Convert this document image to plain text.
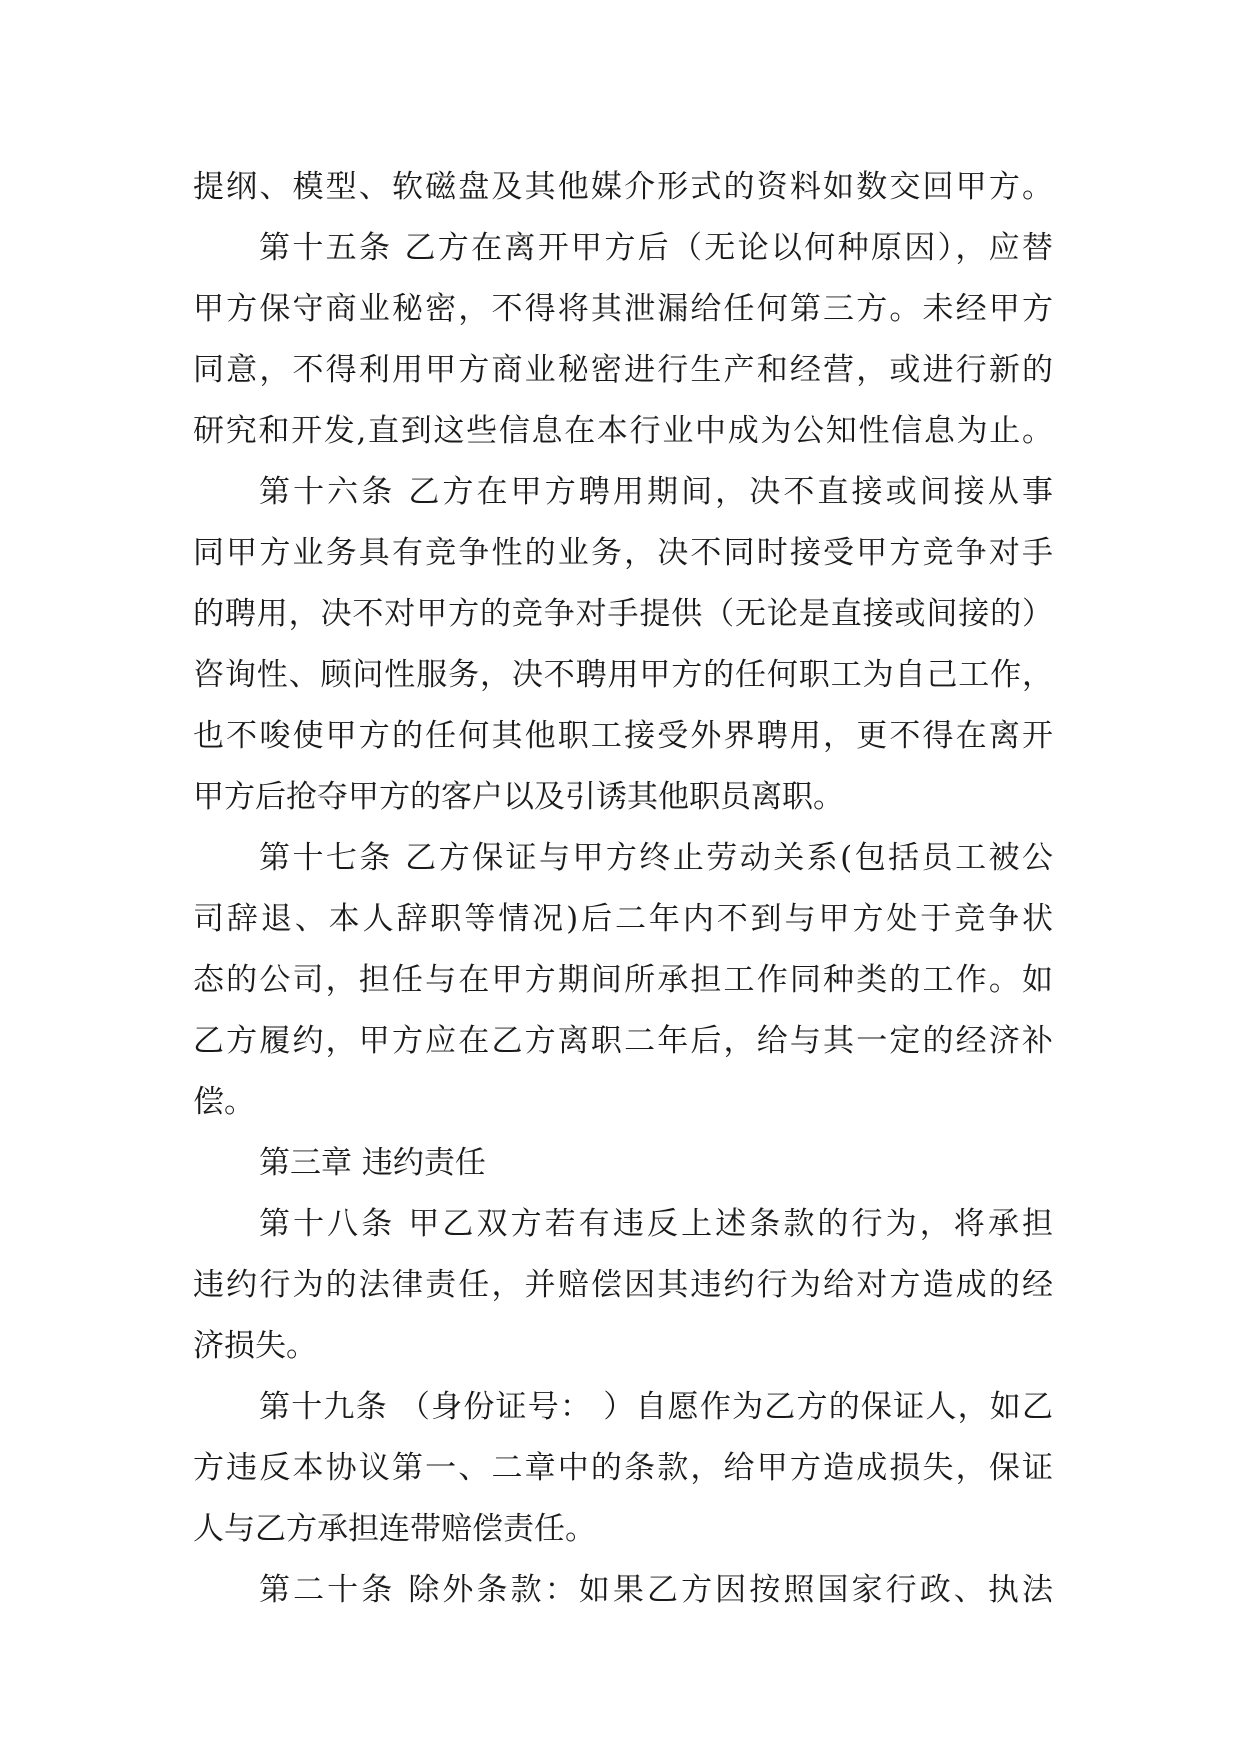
提纲、模型、软磁盘及其他媒介形式的资料如数交回甲方。
第十五条 乙方在离开甲方后（无论以何种原因），应替
甲方保守商业秘密，不得将其泄漏给任何第三方。未经甲方
同意，不得利用甲方商业秘密进行生产和经营，或进行新的
研究和开发,直到这些信息在本行业中成为公知性信息为止。
第十六条 乙方在甲方聘用期间，决不直接或间接从事
同甲方业务具有竞争性的业务，决不同时接受甲方竞争对手
的聘用，决不对甲方的竞争对手提供（无论是直接或间接的）
咨询性、顾问性服务，决不聘用甲方的任何职工为自己工作，
也不唆使甲方的任何其他职工接受外界聘用，更不得在离开
甲方后抢夺甲方的客户以及引诱其他职员离职。
第十七条 乙方保证与甲方终止劳动关系(包括员工被公
司辞退、本人辞职等情况)后二年内不到与甲方处于竞争状
态的公司，担任与在甲方期间所承担工作同种类的工作。如
乙方履约，甲方应在乙方离职二年后，给与其一定的经济补
偿。
第三章 违约责任
第十八条 甲乙双方若有违反上述条款的行为，将承担
违约行为的法律责任，并赔偿因其违约行为给对方造成的经
济损失。
第十九条 （身份证号： ）自愿作为乙方的保证人，如乙
方违反本协议第一、二章中的条款，给甲方造成损失，保证
人与乙方承担连带赔偿责任。
第二十条 除外条款：如果乙方因按照国家行政、执法
